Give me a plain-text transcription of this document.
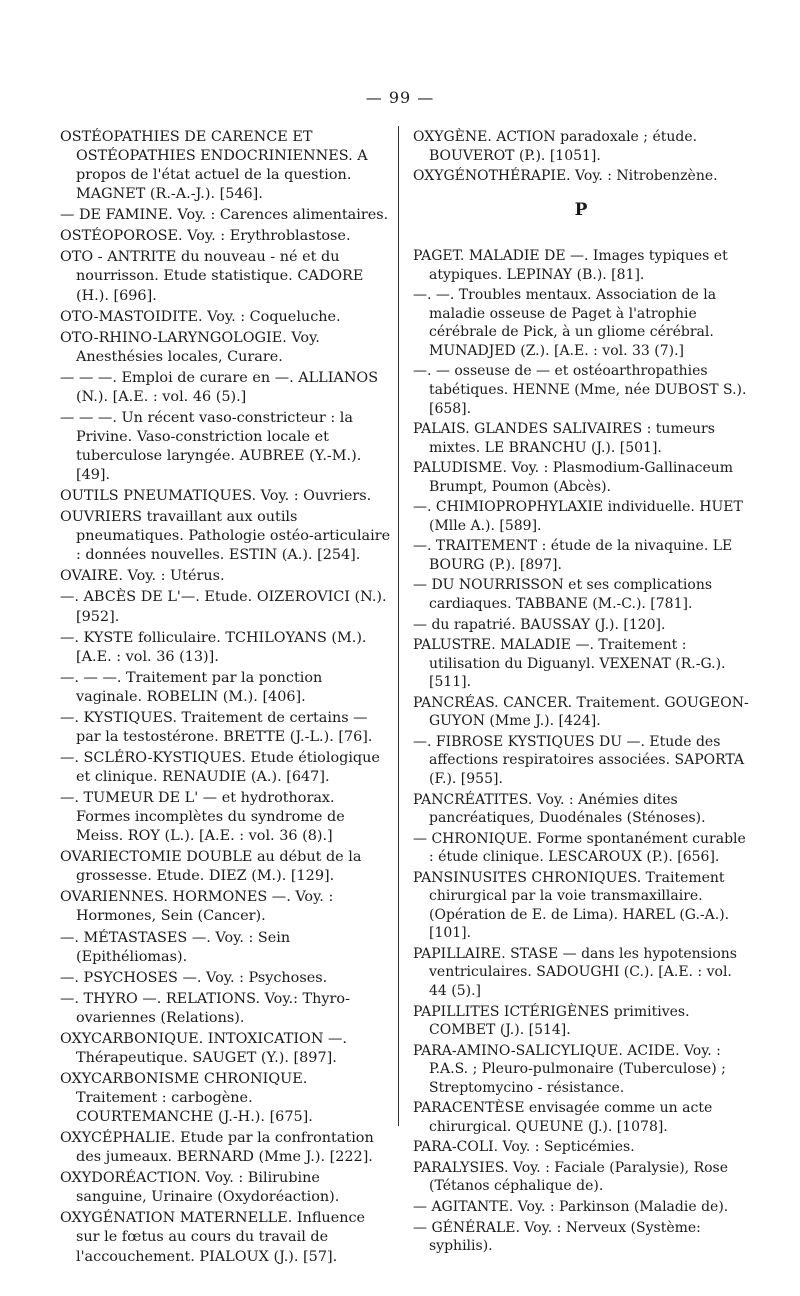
— 99 —

OSTÉOPATHIES DE CARENCE ET OSTÉOPATHIES ENDOCRINIENNES. A propos de l'état actuel de la question. MAGNET (R.-A.-J.). [546].

— DE FAMINE. Voy. : Carences alimentaires.

OSTÉOPOROSE. Voy. : Erythroblastose.

OTO - ANTRITE du nouveau - né et du nourrisson. Etude statistique. CADORE (H.). [696].

OTO-MASTOIDITE. Voy. : Coqueluche.

OTO-RHINO-LARYNGOLOGIE. Voy. Anesthésies locales, Curare.

— — —. Emploi de curare en —. ALLIANOS (N.). [A.E. : vol. 46 (5).]

— — —. Un récent vaso-constricteur : la Privine. Vaso-constriction locale et tuberculose laryngée. AUBREE (Y.-M.). [49].

OUTILS PNEUMATIQUES. Voy. : Ouvriers.

OUVRIERS travaillant aux outils pneumatiques. Pathologie ostéo-articulaire : données nouvelles. ESTIN (A.). [254].

OVAIRE. Voy. : Utérus.

—. ABCÈS DE L'—. Etude. OIZEROVICI (N.). [952].

—. KYSTE folliculaire. TCHILOYANS (M.). [A.E. : vol. 36 (13)].

—. — —. Traitement par la ponction vaginale. ROBELIN (M.). [406].

—. KYSTIQUES. Traitement de certains — par la testostérone. BRETTE (J.-L.). [76].

—. SCLÉRO-KYSTIQUES. Etude étiologique et clinique. RENAUDIE (A.). [647].

—. TUMEUR DE L' — et hydrothorax. Formes incomplètes du syndrome de Meiss. ROY (L.). [A.E. : vol. 36 (8).]

OVARIECTOMIE DOUBLE au début de la grossesse. Etude. DIEZ (M.). [129].

OVARIENNES. HORMONES —. Voy. : Hormones, Sein (Cancer).

—. MÉTASTASES —. Voy. : Sein (Epithéliomas).

—. PSYCHOSES —. Voy. : Psychoses.

—. THYRO —. RELATIONS. Voy.: Thyro-ovariennes (Relations).

OXYCARBONIQUE. INTOXICATION —. Thérapeutique. SAUGET (Y.). [897].

OXYCARBONISME CHRONIQUE. Traitement : carbogène. COURTEMANCHE (J.-H.). [675].

OXYCÉPHALIE. Etude par la confrontation des jumeaux. BERNARD (Mme J.). [222].

OXYDORÉACTION. Voy. : Bilirubine sanguine, Urinaire (Oxydoréaction).

OXYGÉNATION MATERNELLE. Influence sur le fœtus au cours du travail de l'accouchement. PIALOUX (J.). [57].

OXYGÈNE. ACTION paradoxale ; étude. BOUVEROT (P.). [1051].

OXYGÉNOTHÉRAPIE. Voy. : Nitrobenzène.

P

PAGET. MALADIE DE —. Images typiques et atypiques. LEPINAY (B.). [81].

—. —. Troubles mentaux. Association de la maladie osseuse de Paget à l'atrophie cérébrale de Pick, à un gliome cérébral. MUNADJED (Z.). [A.E. : vol. 33 (7).]

—. — osseuse de — et ostéoarthropathies tabétiques. HENNE (Mme, née DUBOST S.). [658].

PALAIS. GLANDES SALIVAIRES : tumeurs mixtes. LE BRANCHU (J.). [501].

PALUDISME. Voy. : Plasmodium-Gallinaceum Brumpt, Poumon (Abcès).

—. CHIMIOPROPHYLAXIE individuelle. HUET (Mlle A.). [589].

—. TRAITEMENT : étude de la nivaquine. LE BOURG (P.). [897].

— DU NOURRISSON et ses complications cardiaques. TABBANE (M.-C.). [781].

— du rapatrié. BAUSSAY (J.). [120].

PALUSTRE. MALADIE —. Traitement : utilisation du Diguanyl. VEXENAT (R.-G.). [511].

PANCRÉAS. CANCER. Traitement. GOUGEON-GUYON (Mme J.). [424].

—. FIBROSE KYSTIQUES DU —. Etude des affections respiratoires associées. SAPORTA (F.). [955].

PANCRÉATITES. Voy. : Anémies dites pancréatiques, Duodénales (Sténoses).

— CHRONIQUE. Forme spontanément curable : étude clinique. LESCAROUX (P.). [656].

PANSINUSITES CHRONIQUES. Traitement chirurgical par la voie transmaxillaire. (Opération de E. de Lima). HAREL (G.-A.). [101].

PAPILLAIRE. STASE — dans les hypotensions ventriculaires. SADOUGHI (C.). [A.E. : vol. 44 (5).]

PAPILLITES ICTÉRIGÈNES primitives. COMBET (J.). [514].

PARA-AMINO-SALICYLIQUE. ACIDE. Voy. : P.A.S. ; Pleuro-pulmonaire (Tuberculose) ; Streptomycino - résistance.

PARACENTÈSE envisagée comme un acte chirurgical. QUEUNE (J.). [1078].

PARA-COLI. Voy. : Septicémies.

PARALYSIES. Voy. : Faciale (Paralysie), Rose (Tétanos céphalique de).

— AGITANTE. Voy. : Parkinson (Maladie de).

— GÉNÉRALE. Voy. : Nerveux (Système: syphilis).
